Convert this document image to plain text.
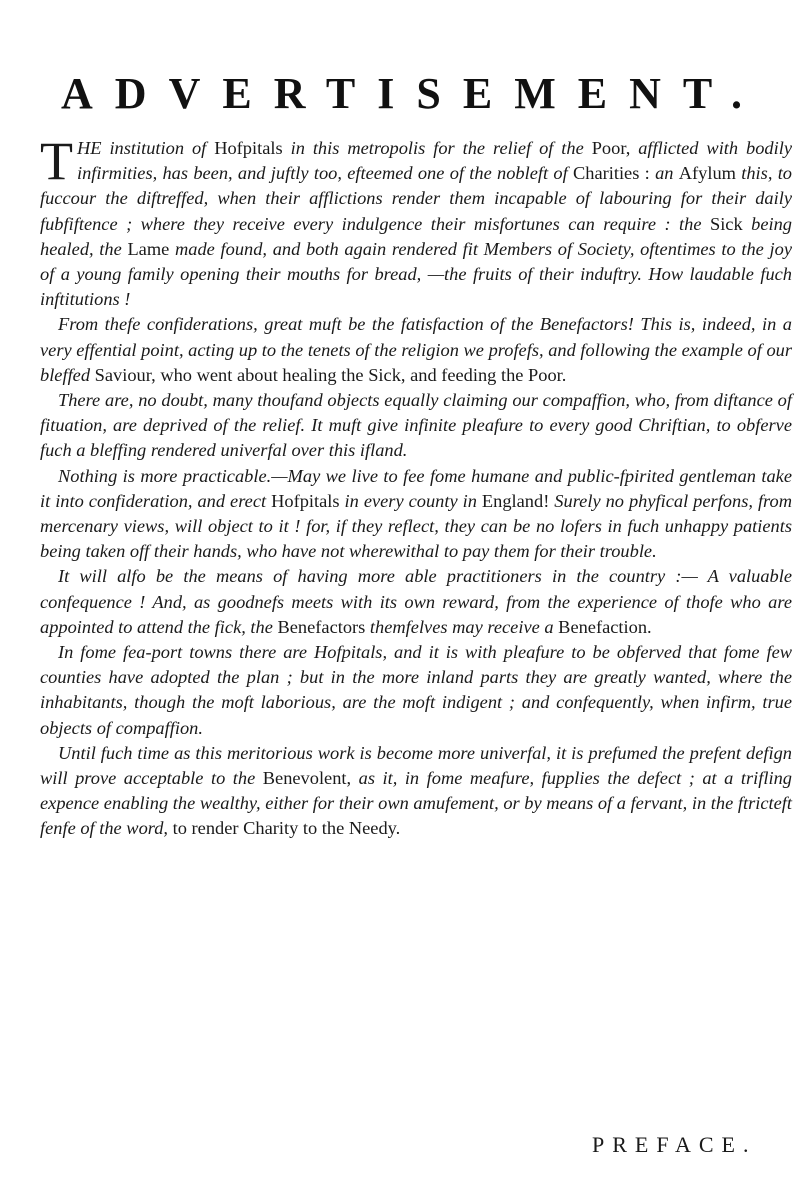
ADVERTISEMENT.

THE institution of Hofpitals in this metropolis for the relief of the Poor, afflicted with bodily infirmities, has been, and juftly too, efteemed one of the nobleft of Charities : an Afylum this, to fuccour the diftreffed, when their afflictions render them incapable of labouring for their daily fubfiftence ; where they receive every indulgence their misfortunes can require : the Sick being healed, the Lame made found, and both again rendered fit Members of Society, oftentimes to the joy of a young family opening their mouths for bread, —the fruits of their induftry. How laudable fuch inftitutions !

From thefe confiderations, great muft be the fatisfaction of the Benefactors! This is, indeed, in a very effential point, acting up to the tenets of the religion we profefs, and following the example of our bleffed Saviour, who went about healing the Sick, and feeding the Poor.

There are, no doubt, many thoufand objects equally claiming our compaffion, who, from diftance of fituation, are deprived of the relief. It muft give infinite pleafure to every good Chriftian, to obferve fuch a bleffing rendered univerfal over this ifland.

Nothing is more practicable.—May we live to fee fome humane and public-fpirited gentleman take it into confideration, and erect Hofpitals in every county in England! Surely no phyfical perfons, from mercenary views, will object to it ! for, if they reflect, they can be no lofers in fuch unhappy patients being taken off their hands, who have not wherewithal to pay them for their trouble.

It will alfo be the means of having more able practitioners in the country :— A valuable confequence ! And, as goodnefs meets with its own reward, from the experience of thofe who are appointed to attend the fick, the Benefactors themfelves may receive a Benefaction.

In fome fea-port towns there are Hofpitals, and it is with pleafure to be obferved that fome few counties have adopted the plan ; but in the more inland parts they are greatly wanted, where the inhabitants, though the moft laborious, are the moft indigent ; and confequently, when infirm, true objects of compaffion.

Until fuch time as this meritorious work is become more univerfal, it is prefumed the prefent defign will prove acceptable to the Benevolent, as it, in fome meafure, fupplies the defect ; at a trifling expence enabling the wealthy, either for their own amufement, or by means of a fervant, in the ftricteft fenfe of the word, to render Charity to the Needy.

PREFACE.
